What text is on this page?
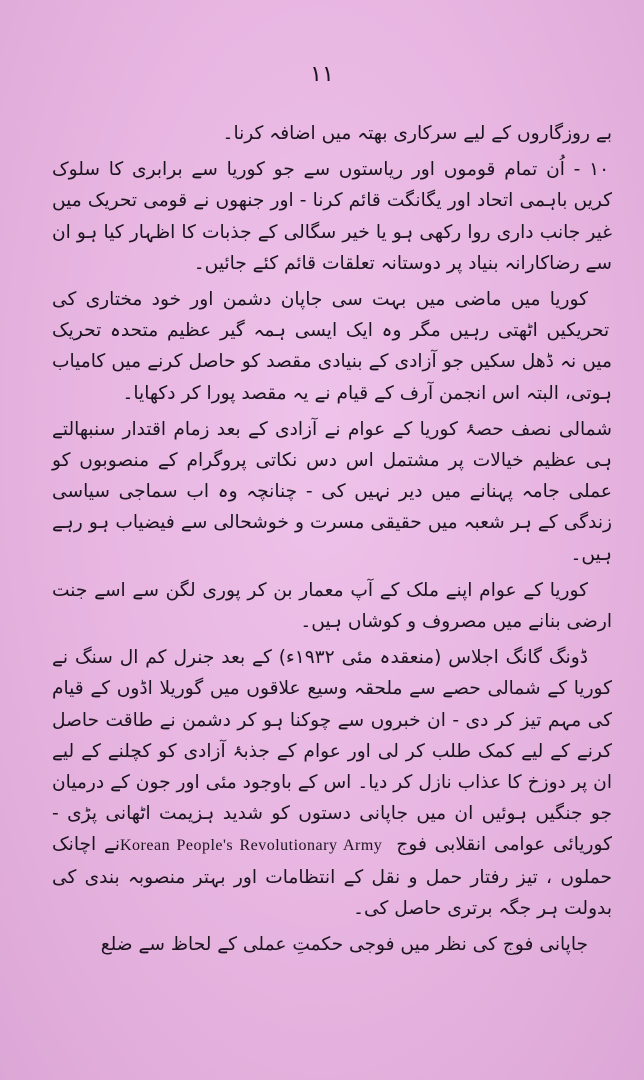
۱۱

بے روزگاروں کے لیے سرکاری بھتہ میں اضافہ کرنا۔

۱۰ - اُن تمام قوموں اور ریاستوں سے جو کوریا سے برابری کا سلوک کریں باہمی اتحاد اور یگانگت قائم کرنا - اور جنھوں نے قومی تحریک میں غیر جانب داری روا رکھی ہو یا خیر سگالی کے جذبات کا اظہار کیا ہو ان سے رضاکارانہ بنیاد پر دوستانہ تعلقات قائم کئے جائیں۔

کوریا میں ماضی میں بہت سی جاپان دشمن اور خود مختاری کی تحریکیں اٹھتی رہیں مگر وہ ایک ایسی ہمہ گیر عظیم متحدہ تحریک میں نہ ڈھل سکیں جو آزادی کے بنیادی مقصد کو حاصل کرنے میں کامیاب ہوتی، البتہ اس انجمن آرف کے قیام نے یہ مقصد پورا کر دکھایا۔

شمالی نصف حصۂ کوریا کے عوام نے آزادی کے بعد زمام اقتدار سنبھالتے ہی عظیم خیالات پر مشتمل اس دس نکاتی پروگرام کے منصوبوں کو عملی جامہ پہنانے میں دیر نہیں کی - چنانچہ وہ اب سماجی سیاسی زندگی کے ہر شعبہ میں حقیقی مسرت و خوشحالی سے فیضیاب ہو رہے ہیں۔

کوریا کے عوام اپنے ملک کے آپ معمار بن کر پوری لگن سے اسے جنت ارضی بنانے میں مصروف و کوشاں ہیں۔

ڈونگ گانگ اجلاس (منعقدہ مئی ۱۹۳۲ء) کے بعد جنرل کم ال سنگ نے کوریا کے شمالی حصے سے ملحقہ وسیع علاقوں میں گوریلا اڈوں کے قیام کی مہم تیز کر دی - ان خبروں سے چوکنا ہو کر دشمن نے طاقت حاصل کرنے کے لیے کمک طلب کر لی اور عوام کے جذبۂ آزادی کو کچلنے کے لیے ان پر دوزخ کا عذاب نازل کر دیا۔ اس کے باوجود مئی اور جون کے درمیان جو جنگیں ہوئیں ان میں جاپانی دستوں کو شدید ہزیمت اٹھانی پڑی - کوریائی عوامی انقلابی فوج Korean People's Revolutionary Army نے اچانک حملوں ، تیز رفتار حمل و نقل کے انتظامات اور بہتر منصوبہ بندی کی بدولت ہر جگہ برتری حاصل کی۔

جاپانی فوج کی نظر میں فوجی حکمتِ عملی کے لحاظ سے ضلع
